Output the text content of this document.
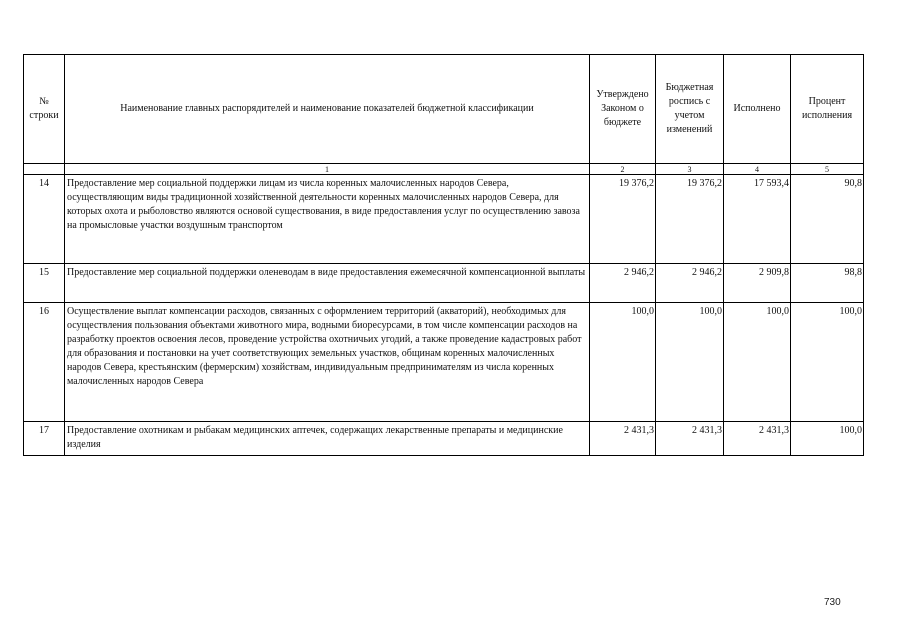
№ строки	Наименование главных распорядителей и наименование показателей бюджетной классификации	Утверждено Законом о бюджете	Бюджетная роспись с учетом изменений	Исполнено	Процент исполнения
	1	2	3	4	5
14	Предоставление мер социальной поддержки лицам из числа коренных малочисленных народов Севера, осуществляющим виды традиционной хозяйственной деятельности коренных малочисленных народов Севера, для которых охота и рыболовство являются основой существования, в виде предоставления услуг по осуществлению завоза на промысловые участки воздушным транспортом	19 376,2	19 376,2	17 593,4	90,8
15	Предоставление мер социальной поддержки оленеводам в виде предоставления ежемесячной компенсационной выплаты	2 946,2	2 946,2	2 909,8	98,8
16	Осуществление выплат компенсации расходов, связанных с оформлением территорий (акваторий), необходимых для осуществления пользования объектами животного мира, водными биоресурсами, в том числе компенсации расходов на разработку проектов освоения лесов, проведение устройства охотничьих угодий, а также проведение кадастровых работ для образования и постановки на учет соответствующих земельных участков, общинам коренных малочисленных народов Севера, крестьянским (фермерским) хозяйствам, индивидуальным предпринимателям из числа коренных малочисленных народов Севера	100,0	100,0	100,0	100,0
17	Предоставление охотникам и рыбакам медицинских аптечек, содержащих лекарственные препараты и медицинские изделия	2 431,3	2 431,3	2 431,3	100,0
730
